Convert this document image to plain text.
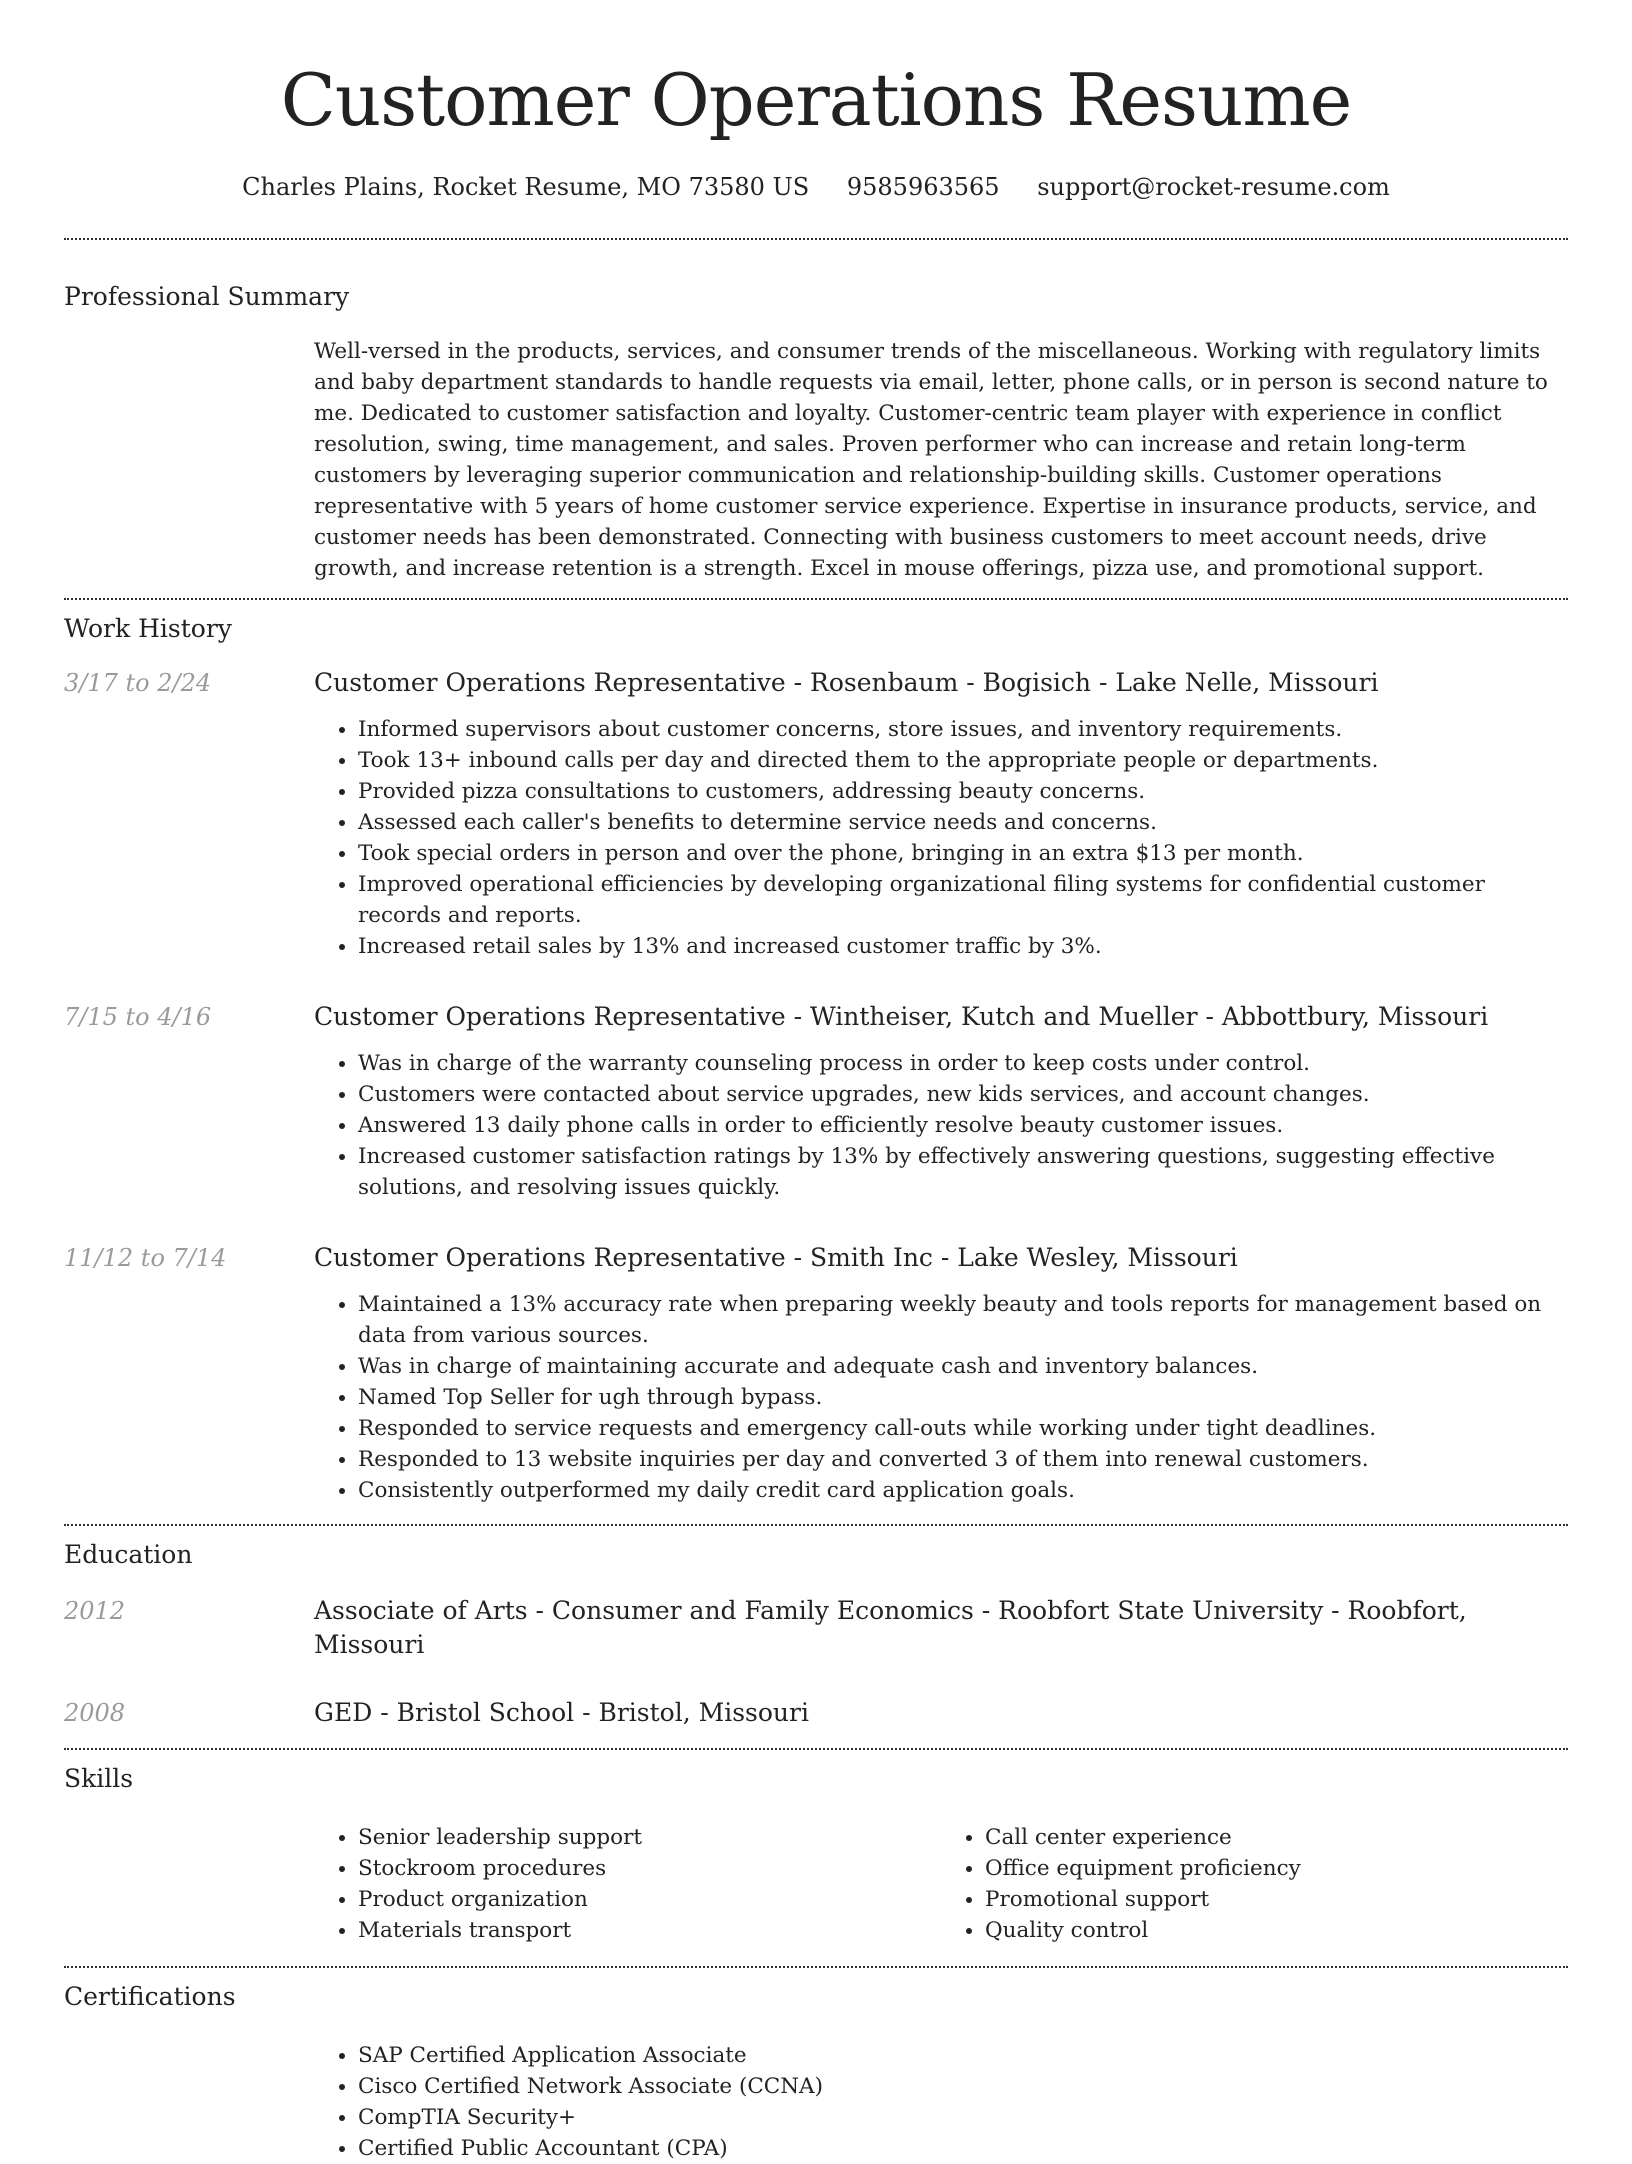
Customer Operations Resume
Charles Plains, Rocket Resume, MO 73580 US 9585963565 support@rocket-resume.com
Professional Summary

Well-versed in the products, services, and consumer trends of the miscellaneous. Working with regulatory limits and baby department standards to handle requests via email, letter, phone calls, or in person is second nature to me. Dedicated to customer satisfaction and loyalty. Customer-centric team player with experience in conflict resolution, swing, time management, and sales. Proven performer who can increase and retain long-term customers by leveraging superior communication and relationship-building skills. Customer operations representative with 5 years of home customer service experience. Expertise in insurance products, service, and customer needs has been demonstrated. Connecting with business customers to meet account needs, drive growth, and increase retention is a strength. Excel in mouse offerings, pizza use, and promotional support.

Work History
3/17 to 2/24	Customer Operations Representative - Rosenbaum - Bogisich - Lake Nelle, Missouri
• Informed supervisors about customer concerns, store issues, and inventory requirements.
• Took 13+ inbound calls per day and directed them to the appropriate people or departments.
• Provided pizza consultations to customers, addressing beauty concerns.
• Assessed each caller's benefits to determine service needs and concerns.
• Took special orders in person and over the phone, bringing in an extra $13 per month.
• Improved operational efficiencies by developing organizational filing systems for confidential customer records and reports.
• Increased retail sales by 13% and increased customer traffic by 3%.
7/15 to 4/16	Customer Operations Representative - Wintheiser, Kutch and Mueller - Abbottbury, Missouri
• Was in charge of the warranty counseling process in order to keep costs under control.
• Customers were contacted about service upgrades, new kids services, and account changes.
• Answered 13 daily phone calls in order to efficiently resolve beauty customer issues.
• Increased customer satisfaction ratings by 13% by effectively answering questions, suggesting effective solutions, and resolving issues quickly.
11/12 to 7/14	Customer Operations Representative - Smith Inc - Lake Wesley, Missouri
• Maintained a 13% accuracy rate when preparing weekly beauty and tools reports for management based on data from various sources.
• Was in charge of maintaining accurate and adequate cash and inventory balances.
• Named Top Seller for ugh through bypass.
• Responded to service requests and emergency call-outs while working under tight deadlines.
• Responded to 13 website inquiries per day and converted 3 of them into renewal customers.
• Consistently outperformed my daily credit card application goals.
Education
2012	Associate of Arts - Consumer and Family Economics - Roobfort State University - Roobfort, Missouri
2008	GED - Bristol School - Bristol, Missouri
Skills
• Senior leadership support
• Stockroom procedures
• Product organization
• Materials transport
• Call center experience
• Office equipment proficiency
• Promotional support
• Quality control
Certifications
• SAP Certified Application Associate
• Cisco Certified Network Associate (CCNA)
• CompTIA Security+
• Certified Public Accountant (CPA)
